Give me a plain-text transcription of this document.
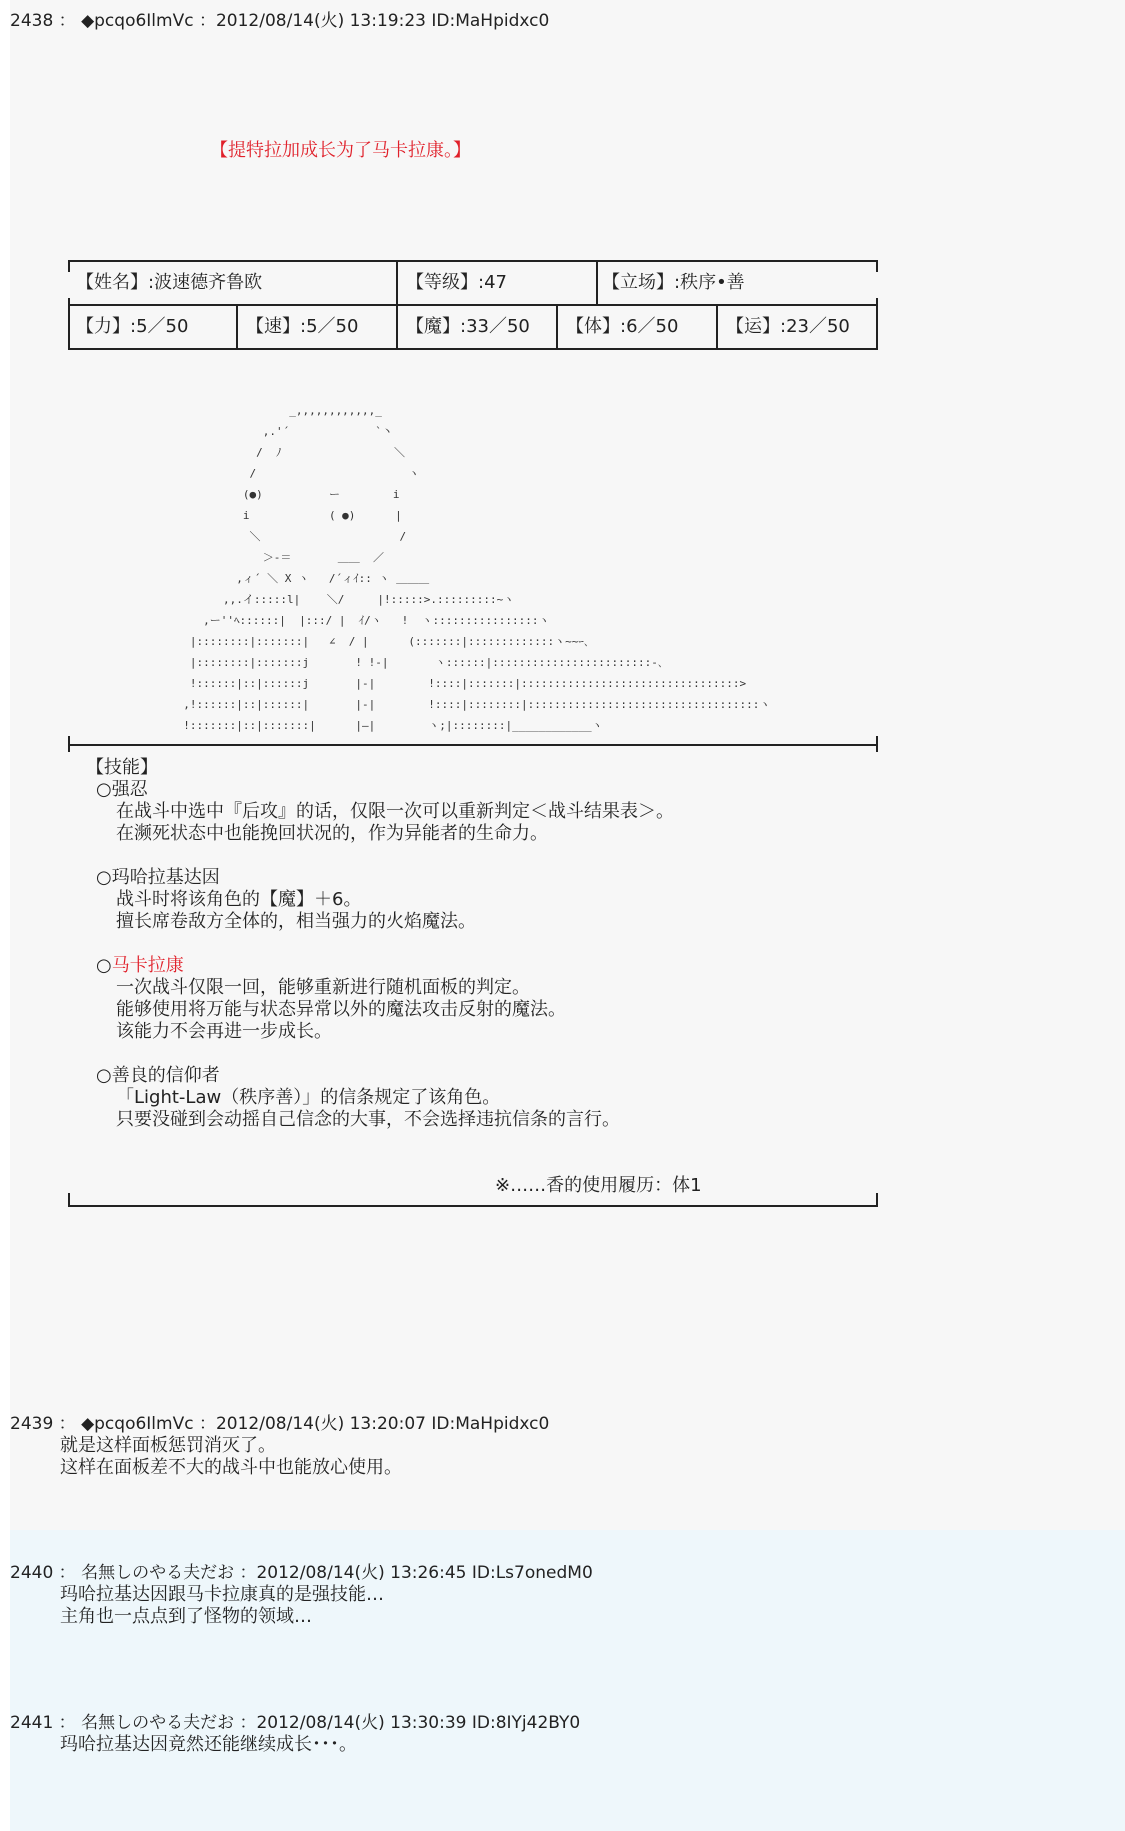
2438 ： ◆pcqo6IlmVc ：2012/08/14(火) 13:19:23 ID:MaHpidxc0
【提特拉加成长为了马卡拉康。】
【姓名】:波速德齐鲁欧	【等级】:47	【立场】:秩序•善
【力】:5／50	【速】:5／50	【魔】:33／50 【体】:6／50	【运】:23／50
_,,,,,,,,,,,,_
,.'´             `丶
/  ﾉ                 ＼
/                       ヽ
(●)          ー        i
i            ( ●)      |
＼                     /
＞-＝       ＿＿  ／
,ィ´ ＼ X ヽ   /´ィｲ:: ヽ ＿＿＿
,,.イ:::::l|    ＼/     |!:::::>.:::::::::~ヽ
,ー''ﾍ::::::|  |:::/ |  ｲ/ヽ   !  ヽ::::::::::::::::ヽ
|::::::::|:::::::|   ∠  / |      (:::::::|:::::::::::::ヽ~~ｰ､
|::::::::|:::::::j       ! !-|       ヽ::::::|::::::::::::::::::::::::-､
!::::::|::|::::::j       |-|        !::::|:::::::|:::::::::::::::::::::::::::::::::>
,!::::::|::|::::::|       |-|        !::::|::::::::|:::::::::::::::::::::::::::::::::::ヽ
!:::::::|::|:::::::|      |―|        ヽ;|::::::::|____________ヽ
【技能】
○强忍
在战斗中选中『后攻』的话，仅限一次可以重新判定＜战斗结果表＞。
在濒死状态中也能挽回状况的，作为异能者的生命力。
○玛哈拉基达因
战斗时将该角色的【魔】＋6。
擅长席卷敌方全体的，相当强力的火焰魔法。
○马卡拉康
一次战斗仅限一回，能够重新进行随机面板的判定。
能够使用将万能与状态异常以外的魔法攻击反射的魔法。
该能力不会再进一步成长。
○善良的信仰者
「Light-Law（秩序善）」的信条规定了该角色。
只要没碰到会动摇自己信念的大事，不会选择违抗信条的言行。
※……香的使用履历：体1
2439 ： ◆pcqo6IlmVc ：2012/08/14(火) 13:20:07 ID:MaHpidxc0
就是这样面板惩罚消灭了。
这样在面板差不大的战斗中也能放心使用。
2440 ： 名無しのやる夫だお ：2012/08/14(火) 13:26:45 ID:Ls7onedM0
玛哈拉基达因跟马卡拉康真的是强技能…
主角也一点点到了怪物的领域…
2441 ： 名無しのやる夫だお ：2012/08/14(火) 13:30:39 ID:8IYj42BY0
玛哈拉基达因竟然还能继续成长･･･。
